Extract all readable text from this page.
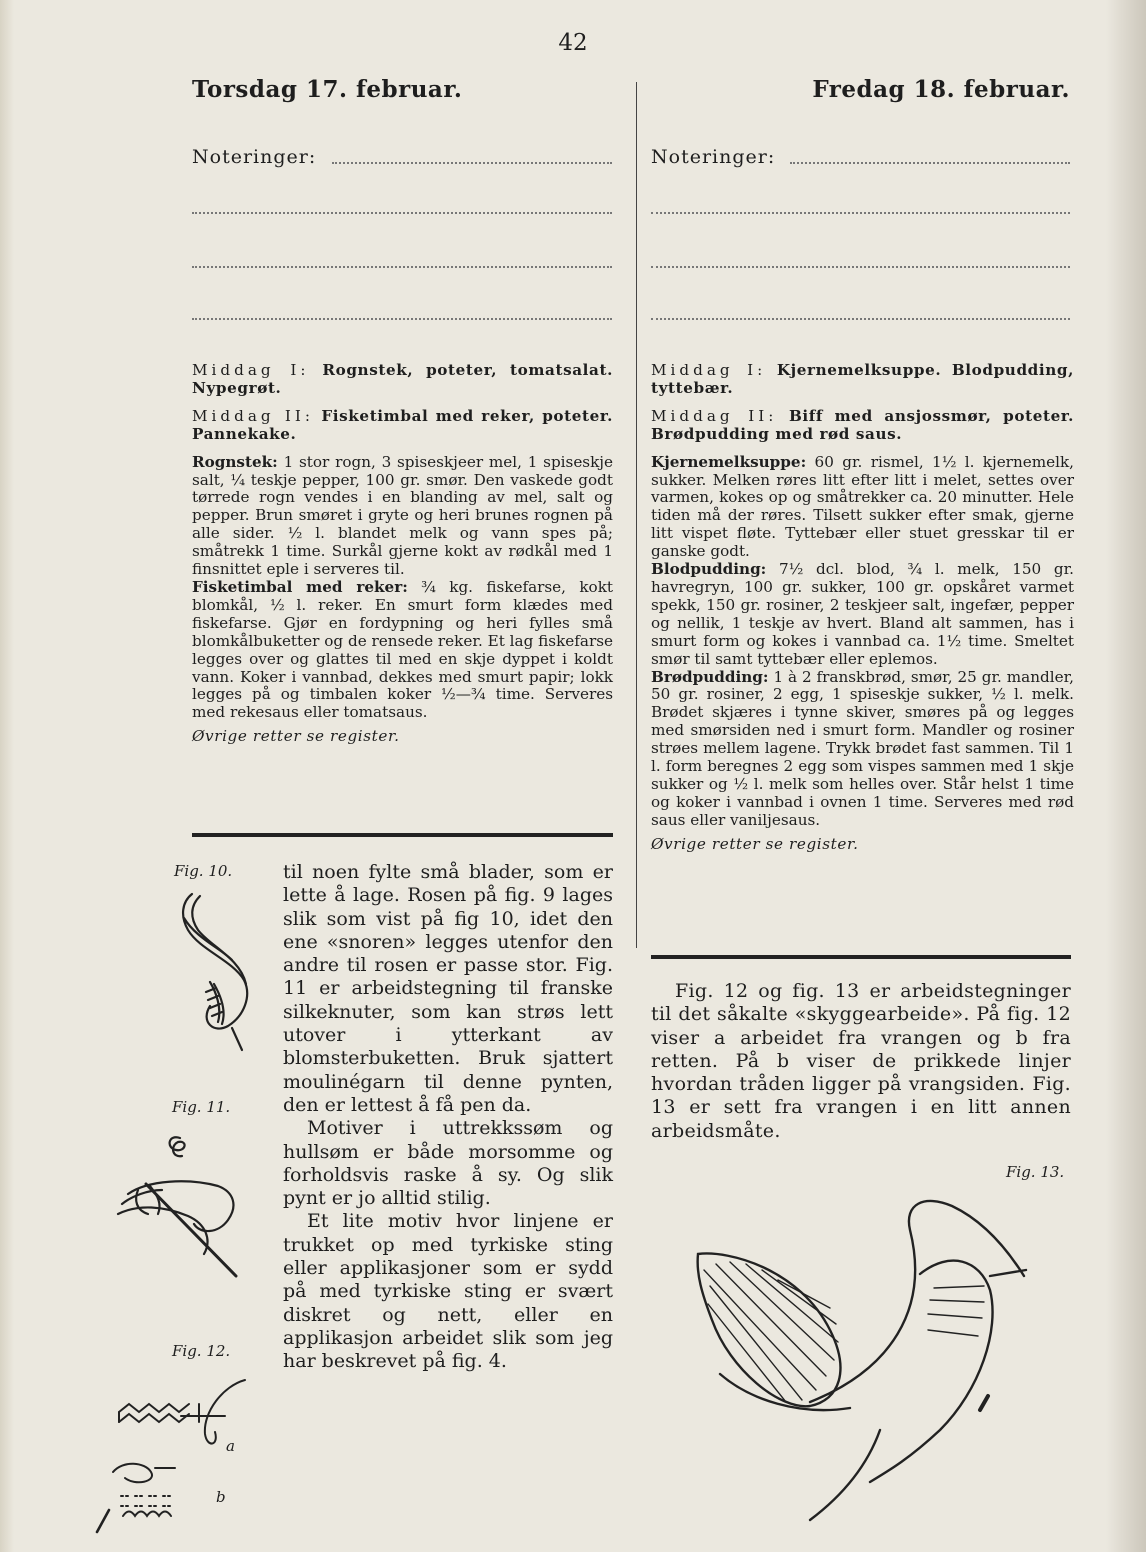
42
Torsdag 17. februar.	Fredag 18. februar.
Noteringer:	Noteringer:

Middag I: Rognstek, poteter, tomatsalat. Nypegrøt.

Middag II: Fisketimbal med reker, poteter. Pannekake.

Rognstek: 1 stor rogn, 3 spiseskjeer mel, 1 spiseskje salt, ¼ teskje pepper, 100 gr. smør. Den vaskede godt tørrede rogn vendes i en blanding av mel, salt og pepper. Brun smøret i gryte og heri brunes rognen på alle sider. ½ l. blandet melk og vann spes på; småtrekk 1 time. Surkål gjerne kokt av rødkål med 1 finsnittet eple i serveres til.

Fisketimbal med reker: ¾ kg. fiskefarse, kokt blomkål, ½ l. reker. En smurt form klædes med fiskefarse. Gjør en fordypning og heri fylles små blomkålbuketter og de rensede reker. Et lag fiskefarse legges over og glattes til med en skje dyppet i koldt vann. Koker i vannbad, dekkes med smurt papir; lokk legges på og timbalen koker ½—¾ time. Serveres med rekesaus eller tomatsaus.

Øvrige retter se register.

Middag I: Kjernemelksuppe. Blodpudding, tyttebær.

Middag II: Biff med ansjossmør, poteter. Brødpudding med rød saus.

Kjernemelksuppe: 60 gr. rismel, 1½ l. kjernemelk, sukker. Melken røres litt efter litt i melet, settes over varmen, kokes op og småtrekker ca. 20 minutter. Hele tiden må der røres. Tilsett sukker efter smak, gjerne litt vispet fløte. Tyttebær eller stuet gresskar til er ganske godt.

Blodpudding: 7½ dcl. blod, ¾ l. melk, 150 gr. havregryn, 100 gr. sukker, 100 gr. opskåret varmet spekk, 150 gr. rosiner, 2 teskjeer salt, ingefær, pepper og nellik, 1 teskje av hvert. Bland alt sammen, has i smurt form og kokes i vannbad ca. 1½ time. Smeltet smør til samt tyttebær eller eplemos.

Brødpudding: 1 à 2 franskbrød, smør, 25 gr. mandler, 50 gr. rosiner, 2 egg, 1 spiseskje sukker, ½ l. melk. Brødet skjæres i tynne skiver, smøres på og legges med smørsiden ned i smurt form. Mandler og rosiner strøes mellem lagene. Trykk brødet fast sammen. Til 1 l. form beregnes 2 egg som vispes sammen med 1 skje sukker og ½ l. melk som helles over. Står helst 1 time og koker i vannbad i ovnen 1 time. Serveres med rød saus eller vaniljesaus.

Øvrige retter se register.

til noen fylte små blader, som er lette å lage. Rosen på fig. 9 lages slik som vist på fig 10, idet den ene «snoren» legges utenfor den andre til rosen er passe stor. Fig. 11 er arbeidstegning til franske silkeknuter, som kan strøs lett utover i ytterkant av blomsterbuketten. Bruk sjattert moulinégarn til denne pynten, den er lettest å få pen da.

Motiver i uttrekkssøm og hullsøm er både morsomme og forholdsvis raske å sy. Og slik pynt er jo alltid stilig.

Et lite motiv hvor linjene er trukket op med tyrkiske sting eller applikasjoner som er sydd på med tyrkiske sting er svært diskret og nett, eller en applikasjon arbeidet slik som jeg har beskrevet på fig. 4.

Fig. 12 og fig. 13 er arbeidstegninger til det såkalte «skyggearbeide». På fig. 12 viser a arbeidet fra vrangen og b fra retten. På b viser de prikkede linjer hvordan tråden ligger på vrangsiden. Fig. 13 er sett fra vrangen i en litt annen arbeidsmåte.

Fig. 10.
Fig. 11.
Fig. 12.
a
b
Fig. 13.
